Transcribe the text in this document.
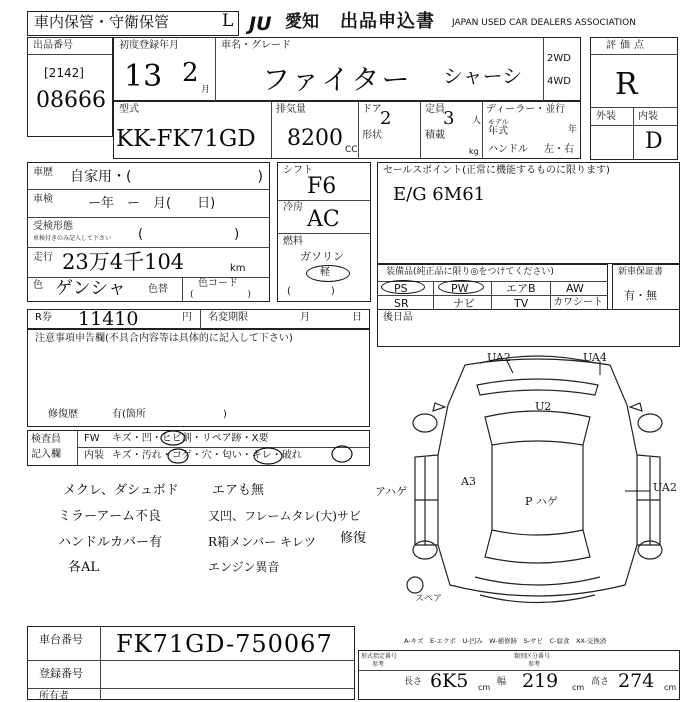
車内保管・守衛保管	L JU 愛知 出品申込書 JAPAN USED CAR DEALERS ASSOCIATION
出品番号
[2142]
08666
初度登録年月
13 2
月
車名・グレード
ファイター シャーシ
2WD
4WD
評価点
R
外装 内装
D
型式
KK-FK71GD
排気量
8200 CC
ドア
2
形状
定員
3 人
積載
kg
ディーラー・並行
モデル
年式	年
ハンドル 左・右
車歴 自家用・(　　　　　　　　　)
車検	ー年　ー　月(　　日)
受検形態
車検付きのみ記入して下さい (　　　　　　　)
走行 23万4千104	km
色 ゲンシャ 色替
色コード
(　　　　　　)
シフト
F6
冷房 AC
燃料
ガソリン
軽
(　　　　)
セールスポイント(正常に機能するものに限ります)
E/G 6M61
装備品(純正品に限り◎をつけてください)
PS	PW	エアB	AW
SR	ナビ	TV カワシート
新車保証書
有・無
R券 11410	円 名変期限	月	日 後日品
注意事項申告欄(不具合内容等は具体的に記入して下さい)
修復歴	有(箇所	)
検査員
記入欄
FW キズ・凹・ヒビ割・リペア跡・X要
内装 キズ・汚れ・コゲ・穴・匂い・キレ・破れ
メクレ、ダシュボド	エアも無
ミラーアーム不良	又凹、フレームタレ(大)サビ
ハンドルカバー有	R箱メンバー キレツ 修復
各AL	エンジン異音
スペア
UA2	UA4
U2
A3
P ハゲ
アハゲ	UA2
A-キズ　E-エクボ　U-凹み　W-補修跡　S-サビ　C-腐食　XX-交換済
車台番号 FK71GD-750067
登録番号
所有者
形式指定番号	類別区分番号
参考	参考
長さ 6K5 cm
幅 219 cm
高さ 274 cm
